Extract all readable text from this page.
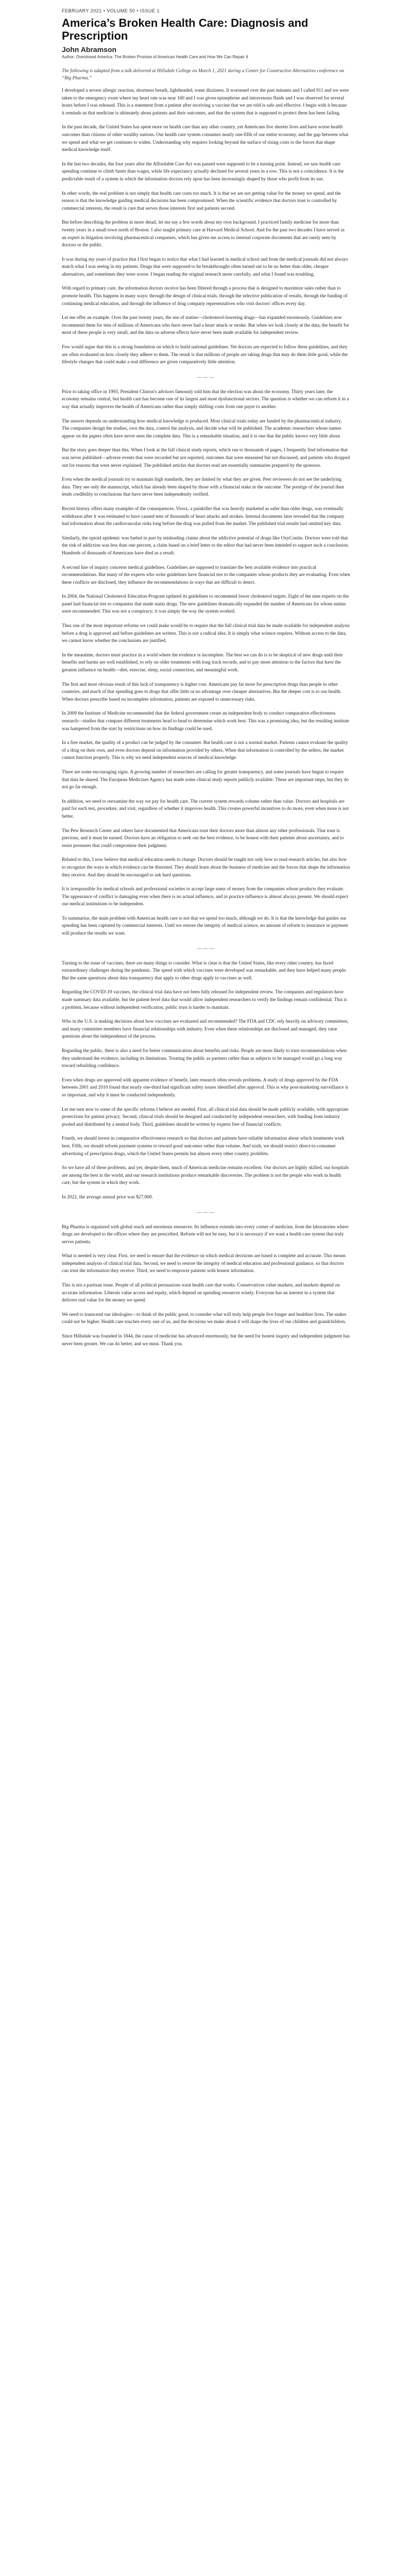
FEBRUARY 2021 • VOLUME 50 • ISSUE 1
America’s Broken Health Care: Diagnosis and Prescription
John Abramson
Author, Overdosed America: The Broken Promise of American Health Care and How We Can Repair It
The following is adapted from a talk delivered at Hillsdale College on March 1, 2021 during a Center for Constructive Alternatives conference on “Big Pharma.”

I developed a severe allergic reaction, shortness breath, lightheaded, some dizziness. It worsened over the past minutes and I called 911 and we were taken to the emergency room where my heart rate was near 160 and I was given epinephrine and intravenous fluids and I was observed for several hours before I was released. This is a statement from a patient after receiving a vaccine that we are told is safe and effective. I begin with it because it reminds us that medicine is ultimately about patients and their outcomes, and that the system that is supposed to protect them has been failing.

In the past decade, the United States has spent more on health care than any other country, yet Americans live shorter lives and have worse health outcomes than citizens of other wealthy nations. Our health care system consumes nearly one-fifth of our entire economy, and the gap between what we spend and what we get continues to widen. Understanding why requires looking beyond the surface of rising costs to the forces that shape medical knowledge itself.

In the last two decades, the four years after the Affordable Care Act was passed were supposed to be a turning point. Instead, we saw health care spending continue to climb faster than wages, while life expectancy actually declined for several years in a row. This is not a coincidence. It is the predictable result of a system in which the information doctors rely upon has been increasingly shaped by those who profit from its use.

In other words, the real problem is not simply that health care costs too much. It is that we are not getting value for the money we spend, and the reason is that the knowledge guiding medical decisions has been compromised. When the scientific evidence that doctors trust is controlled by commercial interests, the result is care that serves those interests first and patients second.

But before describing the problem in more detail, let me say a few words about my own background. I practiced family medicine for more than twenty years in a small town north of Boston. I also taught primary care at Harvard Medical School. And for the past two decades I have served as an expert in litigation involving pharmaceutical companies, which has given me access to internal corporate documents that are rarely seen by doctors or the public.

It was during my years of practice that I first began to notice that what I had learned in medical school and from the medical journals did not always match what I was seeing in my patients. Drugs that were supposed to be breakthroughs often turned out to be no better than older, cheaper alternatives, and sometimes they were worse. I began reading the original research more carefully, and what I found was troubling.

With regard to primary care, the information doctors receive has been filtered through a process that is designed to maximize sales rather than to promote health. This happens in many ways: through the design of clinical trials, through the selective publication of results, through the funding of continuing medical education, and through the influence of drug company representatives who visit doctors' offices every day.

Let me offer an example. Over the past twenty years, the use of statins—cholesterol-lowering drugs—has expanded enormously. Guidelines now recommend them for tens of millions of Americans who have never had a heart attack or stroke. But when we look closely at the data, the benefit for most of these people is very small, and the data on adverse effects have never been made available for independent review.

Few would argue that this is a strong foundation on which to build national guidelines. Yet doctors are expected to follow these guidelines, and they are often evaluated on how closely they adhere to them. The result is that millions of people are taking drugs that may do them little good, while the lifestyle changes that could make a real difference are given comparatively little attention.

———

Prior to taking office in 1993, President Clinton's advisors famously told him that the election was about the economy. Thirty years later, the economy remains central, but health care has become one of its largest and most dysfunctional sectors. The question is whether we can reform it in a way that actually improves the health of Americans rather than simply shifting costs from one payer to another.

The answer depends on understanding how medical knowledge is produced. Most clinical trials today are funded by the pharmaceutical industry. The companies design the studies, own the data, control the analysis, and decide what will be published. The academic researchers whose names appear on the papers often have never seen the complete data. This is a remarkable situation, and it is one that the public knows very little about.

But the story goes deeper than this. When I look at the full clinical study reports, which run to thousands of pages, I frequently find information that was never published—adverse events that were recorded but not reported, outcomes that were measured but not discussed, and patients who dropped out for reasons that were never explained. The published articles that doctors read are essentially summaries prepared by the sponsors.

Even when the medical journals try to maintain high standards, they are limited by what they are given. Peer reviewers do not see the underlying data. They see only the manuscript, which has already been shaped by those with a financial stake in the outcome. The prestige of the journal then lends credibility to conclusions that have never been independently verified.

Recent history offers many examples of the consequences. Vioxx, a painkiller that was heavily marketed as safer than older drugs, was eventually withdrawn after it was estimated to have caused tens of thousands of heart attacks and strokes. Internal documents later revealed that the company had information about the cardiovascular risks long before the drug was pulled from the market. The published trial results had omitted key data.

Similarly, the opioid epidemic was fueled in part by misleading claims about the addictive potential of drugs like OxyContin. Doctors were told that the risk of addiction was less than one percent, a claim based on a brief letter to the editor that had never been intended to support such a conclusion. Hundreds of thousands of Americans have died as a result.

A second line of inquiry concerns medical guidelines. Guidelines are supposed to translate the best available evidence into practical recommendations. But many of the experts who write guidelines have financial ties to the companies whose products they are evaluating. Even when these conflicts are disclosed, they influence the recommendations in ways that are difficult to detect.

In 2004, the National Cholesterol Education Program updated its guidelines to recommend lower cholesterol targets. Eight of the nine experts on the panel had financial ties to companies that made statin drugs. The new guidelines dramatically expanded the number of Americans for whom statins were recommended. This was not a conspiracy; it was simply the way the system worked.

Thus one of the most important reforms we could make would be to require that the full clinical trial data be made available for independent analysis before a drug is approved and before guidelines are written. This is not a radical idea. It is simply what science requires. Without access to the data, we cannot know whether the conclusions are justified.

In the meantime, doctors must practice in a world where the evidence is incomplete. The best we can do is to be skeptical of new drugs until their benefits and harms are well established, to rely on older treatments with long track records, and to pay more attention to the factors that have the greatest influence on health—diet, exercise, sleep, social connection, and meaningful work.

The first and most obvious result of this lack of transparency is higher cost. Americans pay far more for prescription drugs than people in other countries, and much of that spending goes to drugs that offer little or no advantage over cheaper alternatives. But the deeper cost is to our health. When doctors prescribe based on incomplete information, patients are exposed to unnecessary risks.

In 2009 the Institute of Medicine recommended that the federal government create an independent body to conduct comparative effectiveness research—studies that compare different treatments head to head to determine which work best. This was a promising idea, but the resulting institute was hampered from the start by restrictions on how its findings could be used.

In a free market, the quality of a product can be judged by the consumer. But health care is not a normal market. Patients cannot evaluate the quality of a drug on their own, and even doctors depend on information provided by others. When that information is controlled by the sellers, the market cannot function properly. This is why we need independent sources of medical knowledge.

There are some encouraging signs. A growing number of researchers are calling for greater transparency, and some journals have begun to require that data be shared. The European Medicines Agency has made some clinical study reports publicly available. These are important steps, but they do not go far enough.

In addition, we need to reexamine the way we pay for health care. The current system rewards volume rather than value. Doctors and hospitals are paid for each test, procedure, and visit, regardless of whether it improves health. This creates powerful incentives to do more, even when more is not better.

The Pew Research Center and others have documented that Americans trust their doctors more than almost any other professionals. That trust is precious, and it must be earned. Doctors have an obligation to seek out the best evidence, to be honest with their patients about uncertainty, and to resist pressures that could compromise their judgment.

Related to this, I now believe that medical education needs to change. Doctors should be taught not only how to read research articles, but also how to recognize the ways in which evidence can be distorted. They should learn about the business of medicine and the forces that shape the information they receive. And they should be encouraged to ask hard questions.

It is irresponsible for medical schools and professional societies to accept large sums of money from the companies whose products they evaluate. The appearance of conflict is damaging even when there is no actual influence, and in practice influence is almost always present. We should expect our medical institutions to be independent.

To summarize, the main problem with American health care is not that we spend too much, although we do. It is that the knowledge that guides our spending has been captured by commercial interests. Until we restore the integrity of medical science, no amount of reform to insurance or payment will produce the results we want.

———

Turning to the issue of vaccines, there are many things to consider. What is clear is that the United States, like every other country, has faced extraordinary challenges during the pandemic. The speed with which vaccines were developed was remarkable, and they have helped many people. But the same questions about data transparency that apply to other drugs apply to vaccines as well.

Regarding the COVID-19 vaccines, the clinical trial data have not been fully released for independent review. The companies and regulators have made summary data available, but the patient-level data that would allow independent researchers to verify the findings remain confidential. This is a problem, because without independent verification, public trust is harder to maintain.

Who in the U.S. is making decisions about how vaccines are evaluated and recommended? The FDA and CDC rely heavily on advisory committees, and many committee members have financial relationships with industry. Even when these relationships are disclosed and managed, they raise questions about the independence of the process.

Regarding the public, there is also a need for better communication about benefits and risks. People are more likely to trust recommendations when they understand the evidence, including its limitations. Treating the public as partners rather than as subjects to be managed would go a long way toward rebuilding confidence.

Even when drugs are approved with apparent evidence of benefit, later research often reveals problems. A study of drugs approved by the FDA between 2001 and 2010 found that nearly one-third had significant safety issues identified after approval. This is why post-marketing surveillance is so important, and why it must be conducted independently.

Let me turn now to some of the specific reforms I believe are needed. First, all clinical trial data should be made publicly available, with appropriate protections for patient privacy. Second, clinical trials should be designed and conducted by independent researchers, with funding from industry pooled and distributed by a neutral body. Third, guidelines should be written by experts free of financial conflicts.

Fourth, we should invest in comparative effectiveness research so that doctors and patients have reliable information about which treatments work best. Fifth, we should reform payment systems to reward good outcomes rather than volume. And sixth, we should restrict direct-to-consumer advertising of prescription drugs, which the United States permits but almost every other country prohibits.

So we have all of these problems, and yet, despite them, much of American medicine remains excellent. Our doctors are highly skilled, our hospitals are among the best in the world, and our research institutions produce remarkable discoveries. The problem is not the people who work in health care, but the system in which they work.

In 2022, the average annual price was $27,000.

———

Big Pharma is organized with global reach and enormous resources. Its influence extends into every corner of medicine, from the laboratories where drugs are developed to the offices where they are prescribed. Reform will not be easy, but it is necessary if we want a health care system that truly serves patients.

What is needed is very clear. First, we need to ensure that the evidence on which medical decisions are based is complete and accurate. This means independent analysis of clinical trial data. Second, we need to restore the integrity of medical education and professional guidance, so that doctors can trust the information they receive. Third, we need to empower patients with honest information.

This is not a partisan issue. People of all political persuasions want health care that works. Conservatives value markets, and markets depend on accurate information. Liberals value access and equity, which depend on spending resources wisely. Everyone has an interest in a system that delivers real value for the money we spend.

We need to transcend our ideologies—to think of the public good, to consider what will truly help people live longer and healthier lives. The stakes could not be higher. Health care touches every one of us, and the decisions we make about it will shape the lives of our children and grandchildren.

Since Hillsdale was founded in 1844, the cause of medicine has advanced enormously, but the need for honest inquiry and independent judgment has never been greater. We can do better, and we must. Thank you.
